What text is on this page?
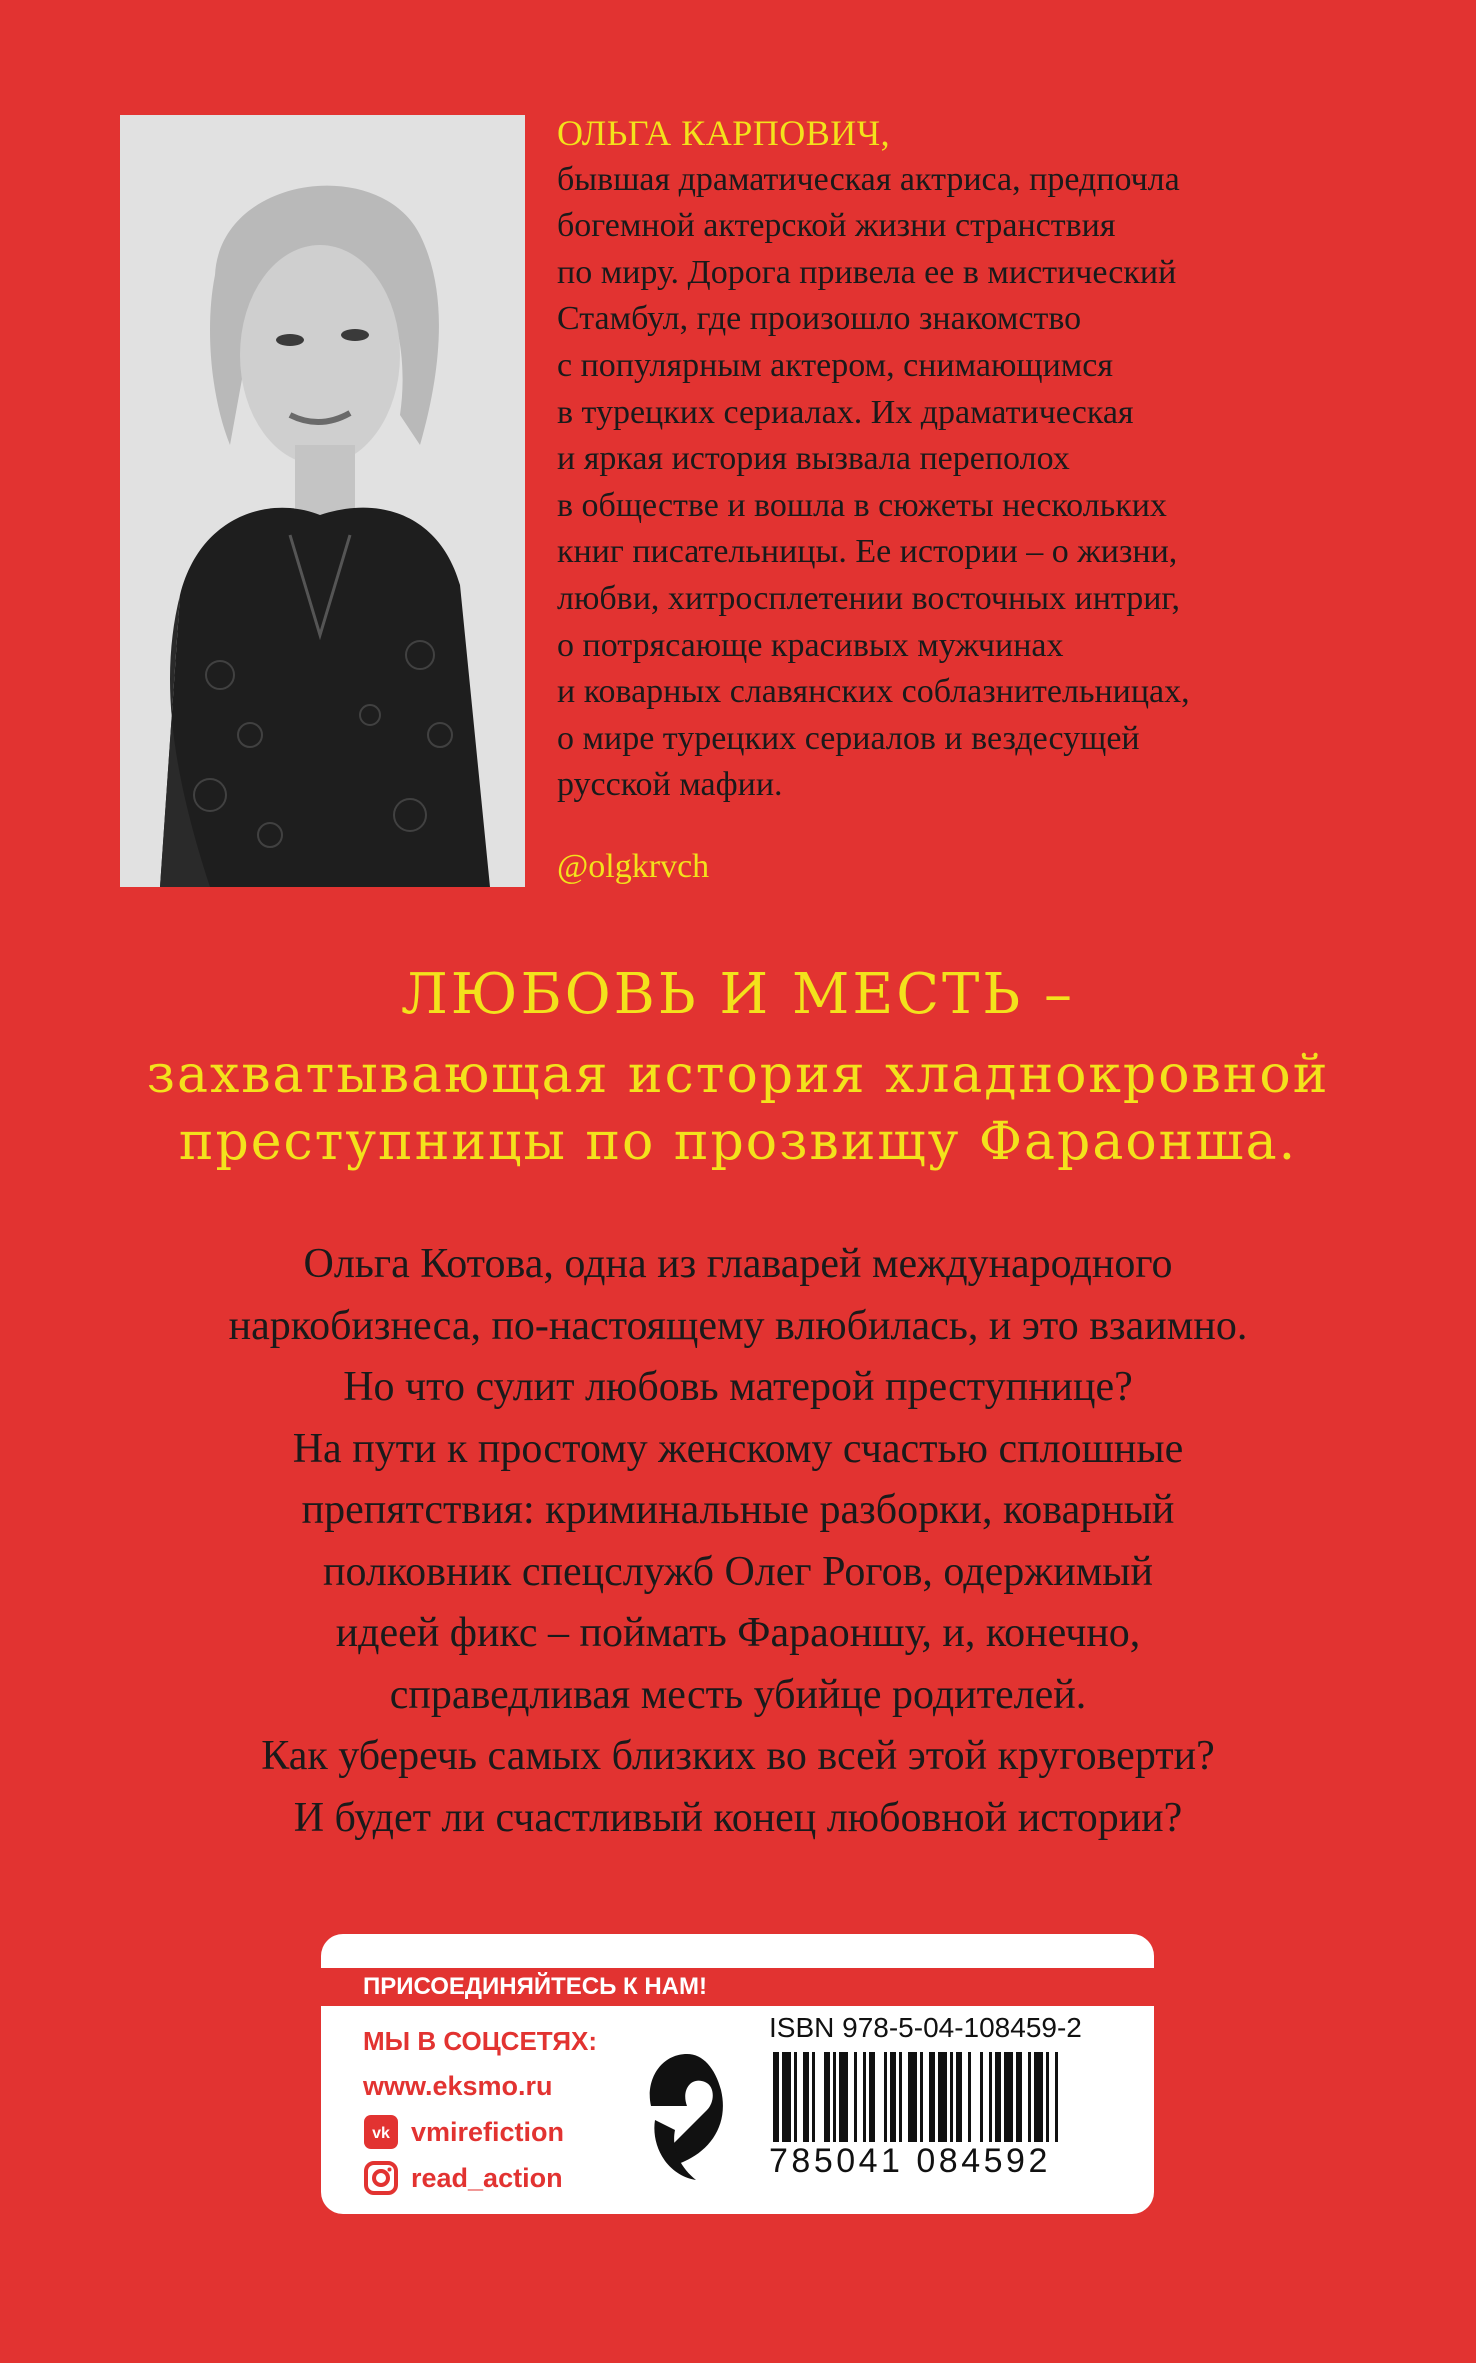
ОЛЬГА КАРПОВИЧ,
бывшая драматическая актриса, предпочла
богемной актерской жизни странствия
по миру. Дорога привела ее в мистический
Стамбул, где произошло знакомство
с популярным актером, снимающимся
в турецких сериалах. Их драматическая
и яркая история вызвала переполох
в обществе и вошла в сюжеты нескольких
книг писательницы. Ее истории – о жизни,
любви, хитросплетении восточных интриг,
о потрясающе красивых мужчинах
и коварных славянских соблазнительницах,
о мире турецких сериалов и вездесущей
русской мафии.
@olgkrvch
ЛЮБОВЬ И МЕСТЬ –
захватывающая история хладнокровной
преступницы по прозвищу Фараонша.
Ольга Котова, одна из главарей международного
наркобизнеса, по-настоящему влюбилась, и это взаимно.
Но что сулит любовь матерой преступнице?
На пути к простому женскому счастью сплошные
препятствия: криминальные разборки, коварный
полковник спецслужб Олег Рогов, одержимый
идеей фикс – поймать Фараоншу, и, конечно,
справедливая месть убийце родителей.
Как уберечь самых близких во всей этой круговерти?
И будет ли счастливый конец любовной истории?
ПРИСОЕДИНЯЙТЕСЬ К НАМ!
МЫ В СОЦСЕТЯХ:
www.eksmo.ru
vk vmirefiction
read_action
ISBN 978-5-04-108459-2
785041 084592
